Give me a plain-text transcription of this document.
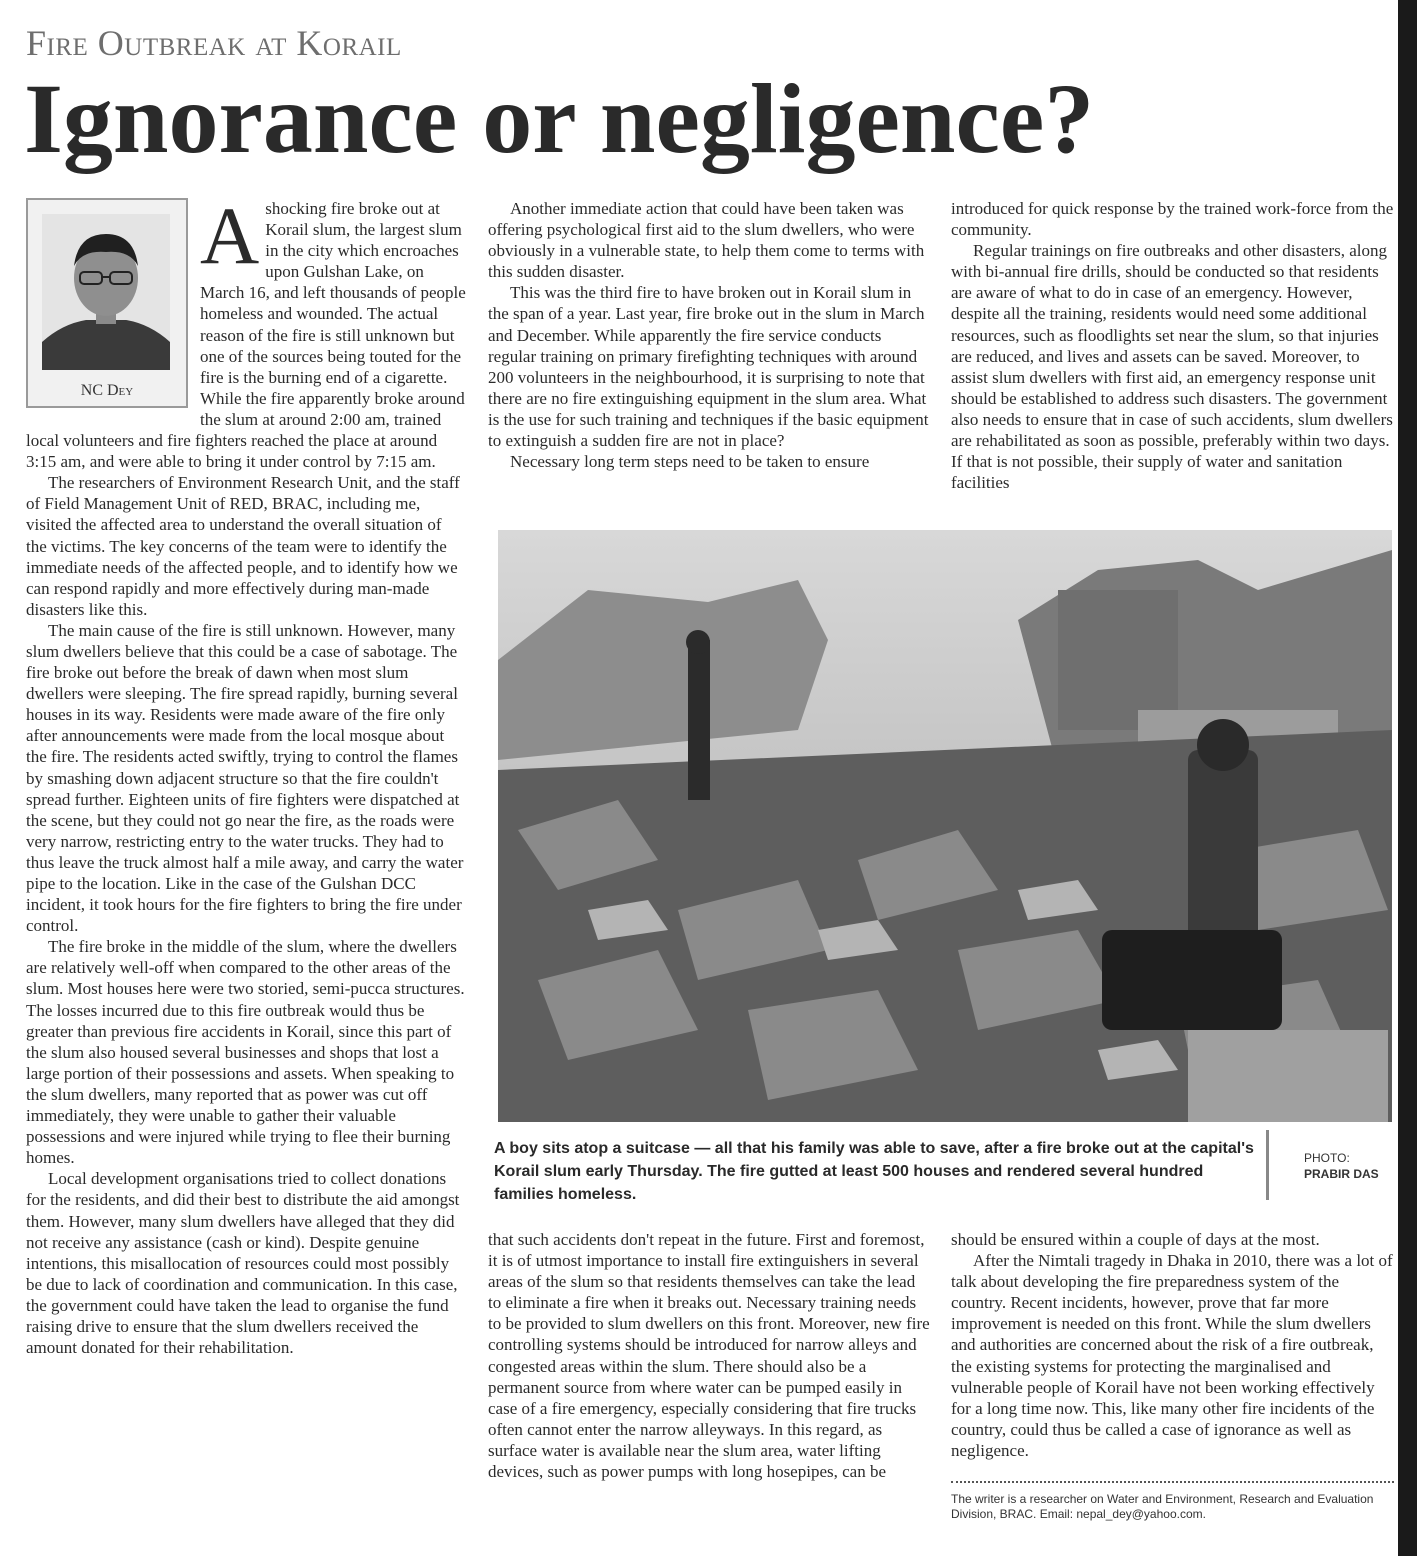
Fire Outbreak at Korail
Ignorance or negligence?
NC Dey
A shocking fire broke out at Korail slum, the largest slum in the city which encroaches upon Gulshan Lake, on March 16, and left thousands of people homeless and wounded. The actual reason of the fire is still unknown but one of the sources being touted for the fire is the burning end of a cigarette. While the fire apparently broke around the slum at around 2:00 am, trained local volunteers and fire fighters reached the place at around 3:15 am, and were able to bring it under control by 7:15 am.

The researchers of Environment Research Unit, and the staff of Field Management Unit of RED, BRAC, including me, visited the affected area to understand the overall situation of the victims. The key concerns of the team were to identify the immediate needs of the affected people, and to identify how we can respond rapidly and more effectively during man-made disasters like this.

The main cause of the fire is still unknown. However, many slum dwellers believe that this could be a case of sabotage. The fire broke out before the break of dawn when most slum dwellers were sleeping. The fire spread rapidly, burning several houses in its way. Residents were made aware of the fire only after announcements were made from the local mosque about the fire. The residents acted swiftly, trying to control the flames by smashing down adjacent structure so that the fire couldn't spread further. Eighteen units of fire fighters were dispatched at the scene, but they could not go near the fire, as the roads were very narrow, restricting entry to the water trucks. They had to thus leave the truck almost half a mile away, and carry the water pipe to the location. Like in the case of the Gulshan DCC incident, it took hours for the fire fighters to bring the fire under control.

The fire broke in the middle of the slum, where the dwellers are relatively well-off when compared to the other areas of the slum. Most houses here were two storied, semi-pucca structures. The losses incurred due to this fire outbreak would thus be greater than previous fire accidents in Korail, since this part of the slum also housed several businesses and shops that lost a large portion of their possessions and assets. When speaking to the slum dwellers, many reported that as power was cut off immediately, they were unable to gather their valuable possessions and were injured while trying to flee their burning homes.

Local development organisations tried to collect donations for the residents, and did their best to distribute the aid amongst them. However, many slum dwellers have alleged that they did not receive any assistance (cash or kind). Despite genuine intentions, this misallocation of resources could most possibly be due to lack of coordination and communication. In this case, the government could have taken the lead to organise the fund raising drive to ensure that the slum dwellers received the amount donated for their rehabilitation.

Another immediate action that could have been taken was offering psychological first aid to the slum dwellers, who were obviously in a vulnerable state, to help them come to terms with this sudden disaster.

This was the third fire to have broken out in Korail slum in the span of a year. Last year, fire broke out in the slum in March and December. While apparently the fire service conducts regular training on primary firefighting techniques with around 200 volunteers in the neighbourhood, it is surprising to note that there are no fire extinguishing equipment in the slum area. What is the use for such training and techniques if the basic equipment to extinguish a sudden fire are not in place?

Necessary long term steps need to be taken to ensure

introduced for quick response by the trained work-force from the community.

Regular trainings on fire outbreaks and other disasters, along with bi-annual fire drills, should be conducted so that residents are aware of what to do in case of an emergency. However, despite all the training, residents would need some additional resources, such as floodlights set near the slum, so that injuries are reduced, and lives and assets can be saved. Moreover, to assist slum dwellers with first aid, an emergency response unit should be established to address such disasters. The government also needs to ensure that in case of such accidents, slum dwellers are rehabilitated as soon as possible, preferably within two days. If that is not possible, their supply of water and sanitation facilities

A boy sits atop a suitcase — all that his family was able to save, after a fire broke out at the capital's Korail slum early Thursday. The fire gutted at least 500 houses and rendered several hundred families homeless.
PHOTO:
PRABIR DAS

that such accidents don't repeat in the future. First and foremost, it is of utmost importance to install fire extinguishers in several areas of the slum so that residents themselves can take the lead to eliminate a fire when it breaks out. Necessary training needs to be provided to slum dwellers on this front. Moreover, new fire controlling systems should be introduced for narrow alleys and congested areas within the slum. There should also be a permanent source from where water can be pumped easily in case of a fire emergency, especially considering that fire trucks often cannot enter the narrow alleyways. In this regard, as surface water is available near the slum area, water lifting devices, such as power pumps with long hosepipes, can be

should be ensured within a couple of days at the most.

After the Nimtali tragedy in Dhaka in 2010, there was a lot of talk about developing the fire preparedness system of the country. Recent incidents, however, prove that far more improvement is needed on this front. While the slum dwellers and authorities are concerned about the risk of a fire outbreak, the existing systems for protecting the marginalised and vulnerable people of Korail have not been working effectively for a long time now. This, like many other fire incidents of the country, could thus be called a case of ignorance as well as negligence.

The writer is a researcher on Water and Environment, Research and Evaluation Division, BRAC. Email: nepal_dey@yahoo.com.
